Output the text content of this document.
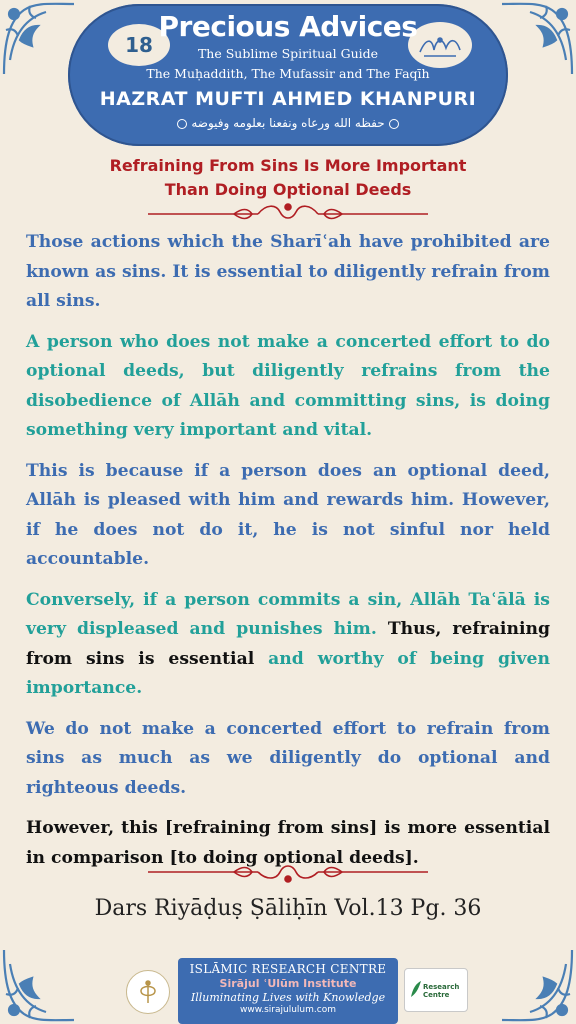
18
Precious Advices
The Sublime Spiritual Guide
The Muḥaddith, The Mufassir and The Faqīh
HAZRAT MUFTI AHMED KHANPURI
حفظه الله ورعاه ونفعنا بعلومه وفيوضه
Refraining From Sins Is More Important
Than Doing Optional Deeds

Those actions which the Sharīʿah have prohibited are known as sins. It is essential to diligently refrain from all sins.

A person who does not make a concerted effort to do optional deeds, but diligently refrains from the disobedience of Allāh and committing sins, is doing something very important and vital.

This is because if a person does an optional deed, Allāh is pleased with him and rewards him. However, if he does not do it, he is not sinful nor held accountable.

Conversely, if a person commits a sin, Allāh Taʿālā is very displeased and punishes him. Thus, refraining from sins is essential and worthy of being given importance.

We do not make a concerted effort to refrain from sins as much as we diligently do optional and righteous deeds.

However, this [refraining from sins] is more essential in comparison [to doing optional deeds].

Dars Riyāḍuṣ Ṣāliḥīn Vol.13 Pg. 36
ISLĀMIC RESEARCH CENTRE
Sirājul ʿUlūm Institute
Illuminating Lives with Knowledge
www.sirajululum.com
Research Centre
